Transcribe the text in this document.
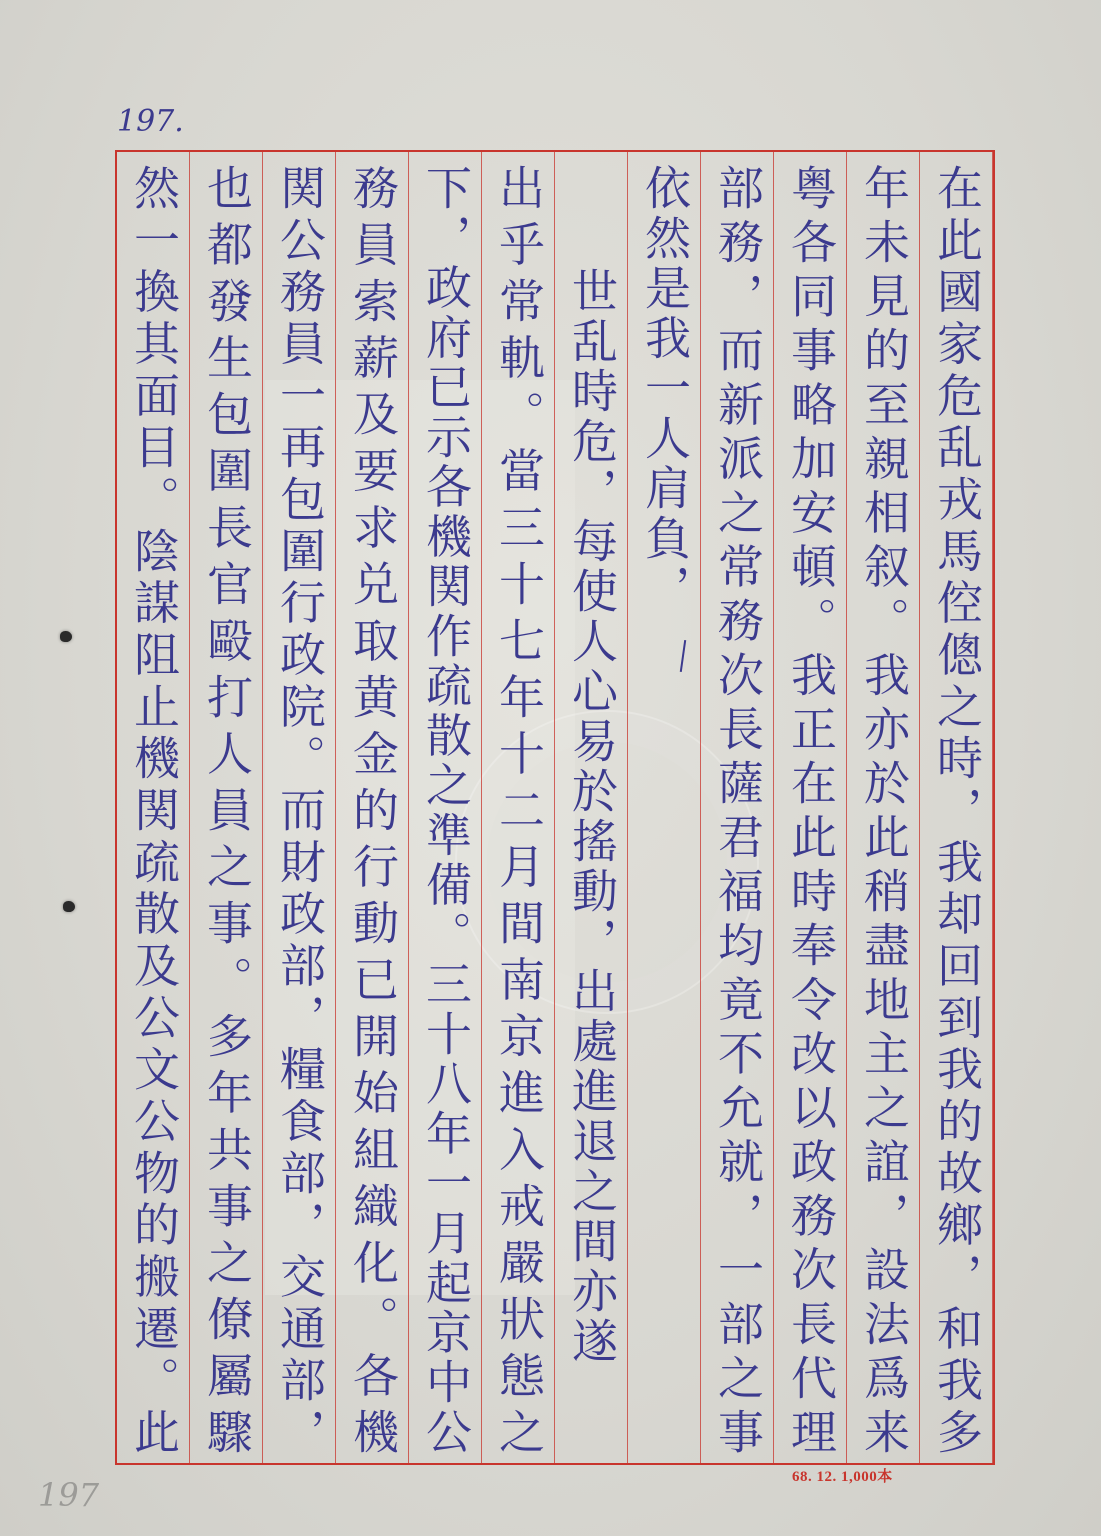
197.
在此國家危乱戎馬倥傯之時，我却回到我的故鄉，和我多
年未見的至親相叙。我亦於此稍盡地主之誼，設法爲来
粤各同事略加安頓。我正在此時奉令改以政務次長代理
部務，而新派之常務次長薩君福均竟不允就，一部之事
依然是我一人肩負，
世乱時危，每使人心易於搖動，出處進退之間亦遂
出乎常軌。當三十七年十二月間南京進入戒嚴狀態之
下，政府已示各機関作疏散之準備。三十八年一月起京中公
務員索薪及要求兑取黄金的行動已開始組織化。各機
関公務員一再包圍行政院。而財政部，糧食部，交通部，
也都發生包圍長官毆打人員之事。多年共事之僚屬驟
然一換其面目。陰謀阻止機関疏散及公文公物的搬遷。此
68. 12. 1,000本
197
